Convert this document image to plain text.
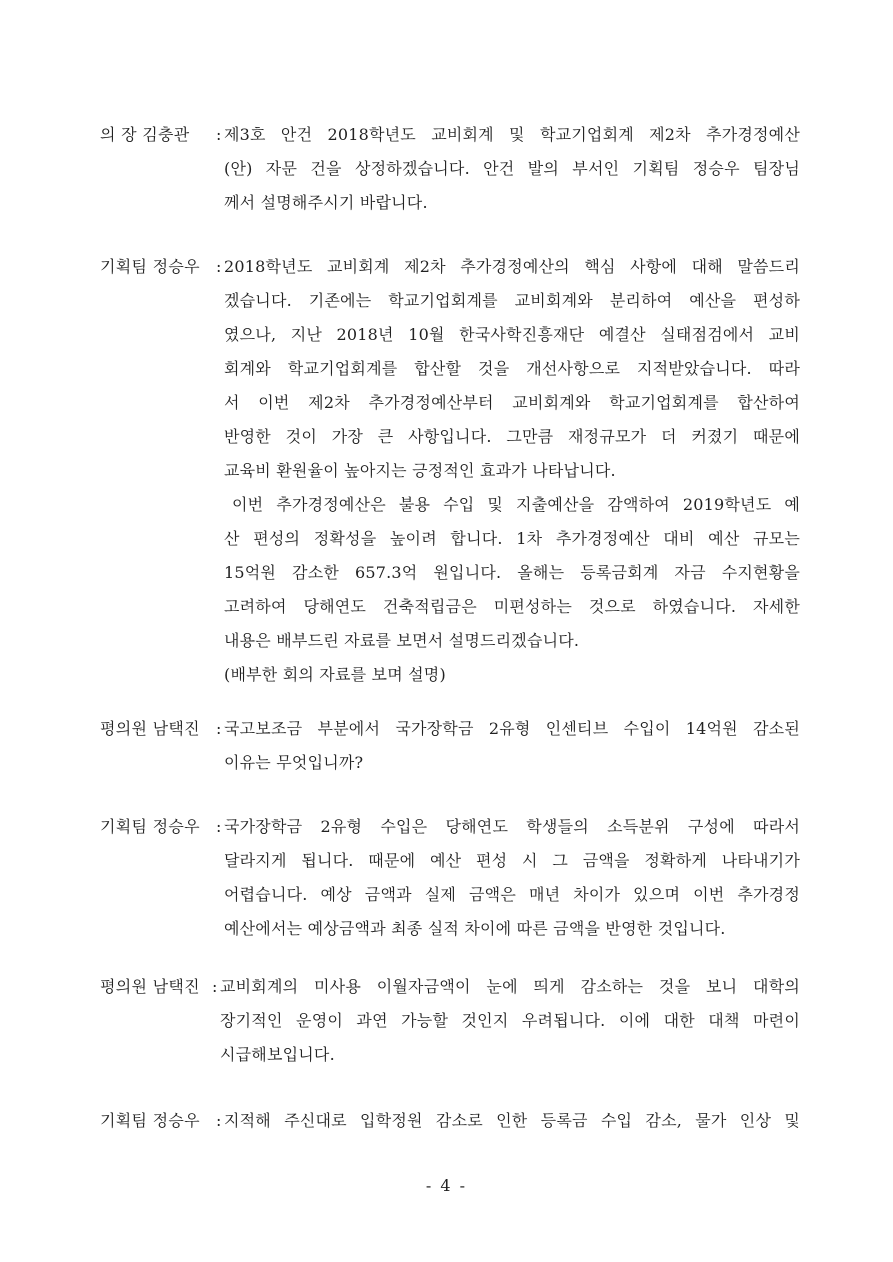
의 장 김충관 : 제3호 안건 2018학년도 교비회계 및 학교기업회계 제2차 추가경정예산
(안) 자문 건을 상정하겠습니다. 안건 발의 부서인 기획팀 정승우 팀장님
께서 설명해주시기 바랍니다.
기획팀 정승우 : 2018학년도 교비회계 제2차 추가경정예산의 핵심 사항에 대해 말씀드리
겠습니다. 기존에는 학교기업회계를 교비회계와 분리하여 예산을 편성하
였으나, 지난 2018년 10월 한국사학진흥재단 예결산 실태점검에서 교비
회계와 학교기업회계를 합산할 것을 개선사항으로 지적받았습니다. 따라
서 이번 제2차 추가경정예산부터 교비회계와 학교기업회계를 합산하여
반영한 것이 가장 큰 사항입니다. 그만큼 재정규모가 더 커졌기 때문에
교육비 환원율이 높아지는 긍정적인 효과가 나타납니다.
이번 추가경정예산은 불용 수입 및 지출예산을 감액하여 2019학년도 예
산 편성의 정확성을 높이려 합니다. 1차 추가경정예산 대비 예산 규모는
15억원 감소한 657.3억 원입니다. 올해는 등록금회계 자금 수지현황을
고려하여 당해연도 건축적립금은 미편성하는 것으로 하였습니다. 자세한
내용은 배부드린 자료를 보면서 설명드리겠습니다.
(배부한 회의 자료를 보며 설명)
평의원 남택진 : 국고보조금 부분에서 국가장학금 2유형 인센티브 수입이 14억원 감소된
이유는 무엇입니까?
기획팀 정승우 : 국가장학금 2유형 수입은 당해연도 학생들의 소득분위 구성에 따라서
달라지게 됩니다. 때문에 예산 편성 시 그 금액을 정확하게 나타내기가
어렵습니다. 예상 금액과 실제 금액은 매년 차이가 있으며 이번 추가경정
예산에서는 예상금액과 최종 실적 차이에 따른 금액을 반영한 것입니다.
평의원 남택진 : 교비회계의 미사용 이월자금액이 눈에 띄게 감소하는 것을 보니 대학의
장기적인 운영이 과연 가능할 것인지 우려됩니다. 이에 대한 대책 마련이
시급해보입니다.
기획팀 정승우 : 지적해 주신대로 입학정원 감소로 인한 등록금 수입 감소, 물가 인상 및
- 4 -
